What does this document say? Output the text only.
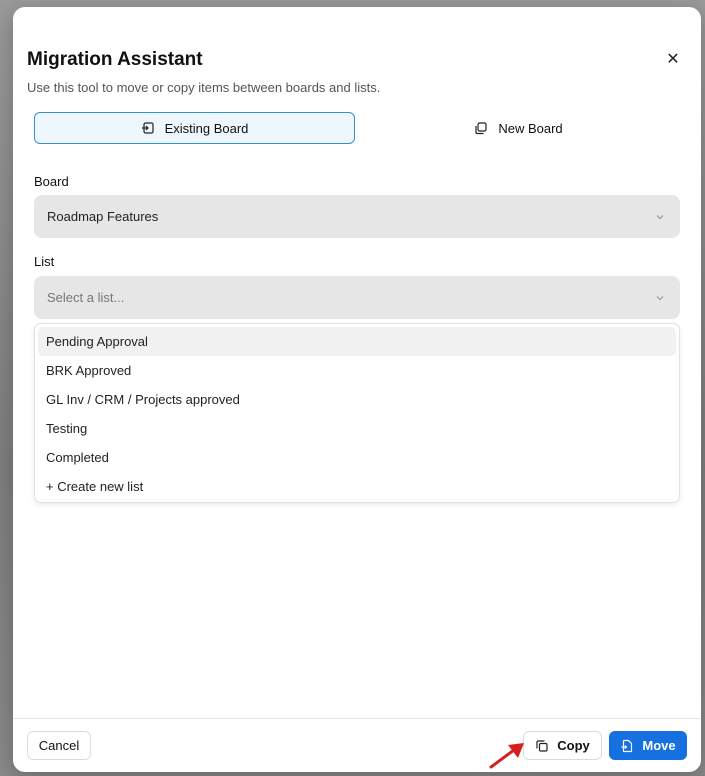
Migration Assistant	✕
Use this tool to move or copy items between boards and lists.
Existing Board	New Board
Board
Roadmap Features
List
Select a list...
Pending Approval
BRK Approved
GL Inv / CRM / Projects approved
Testing
Completed
+ Create new list
Cancel	Copy	Move
